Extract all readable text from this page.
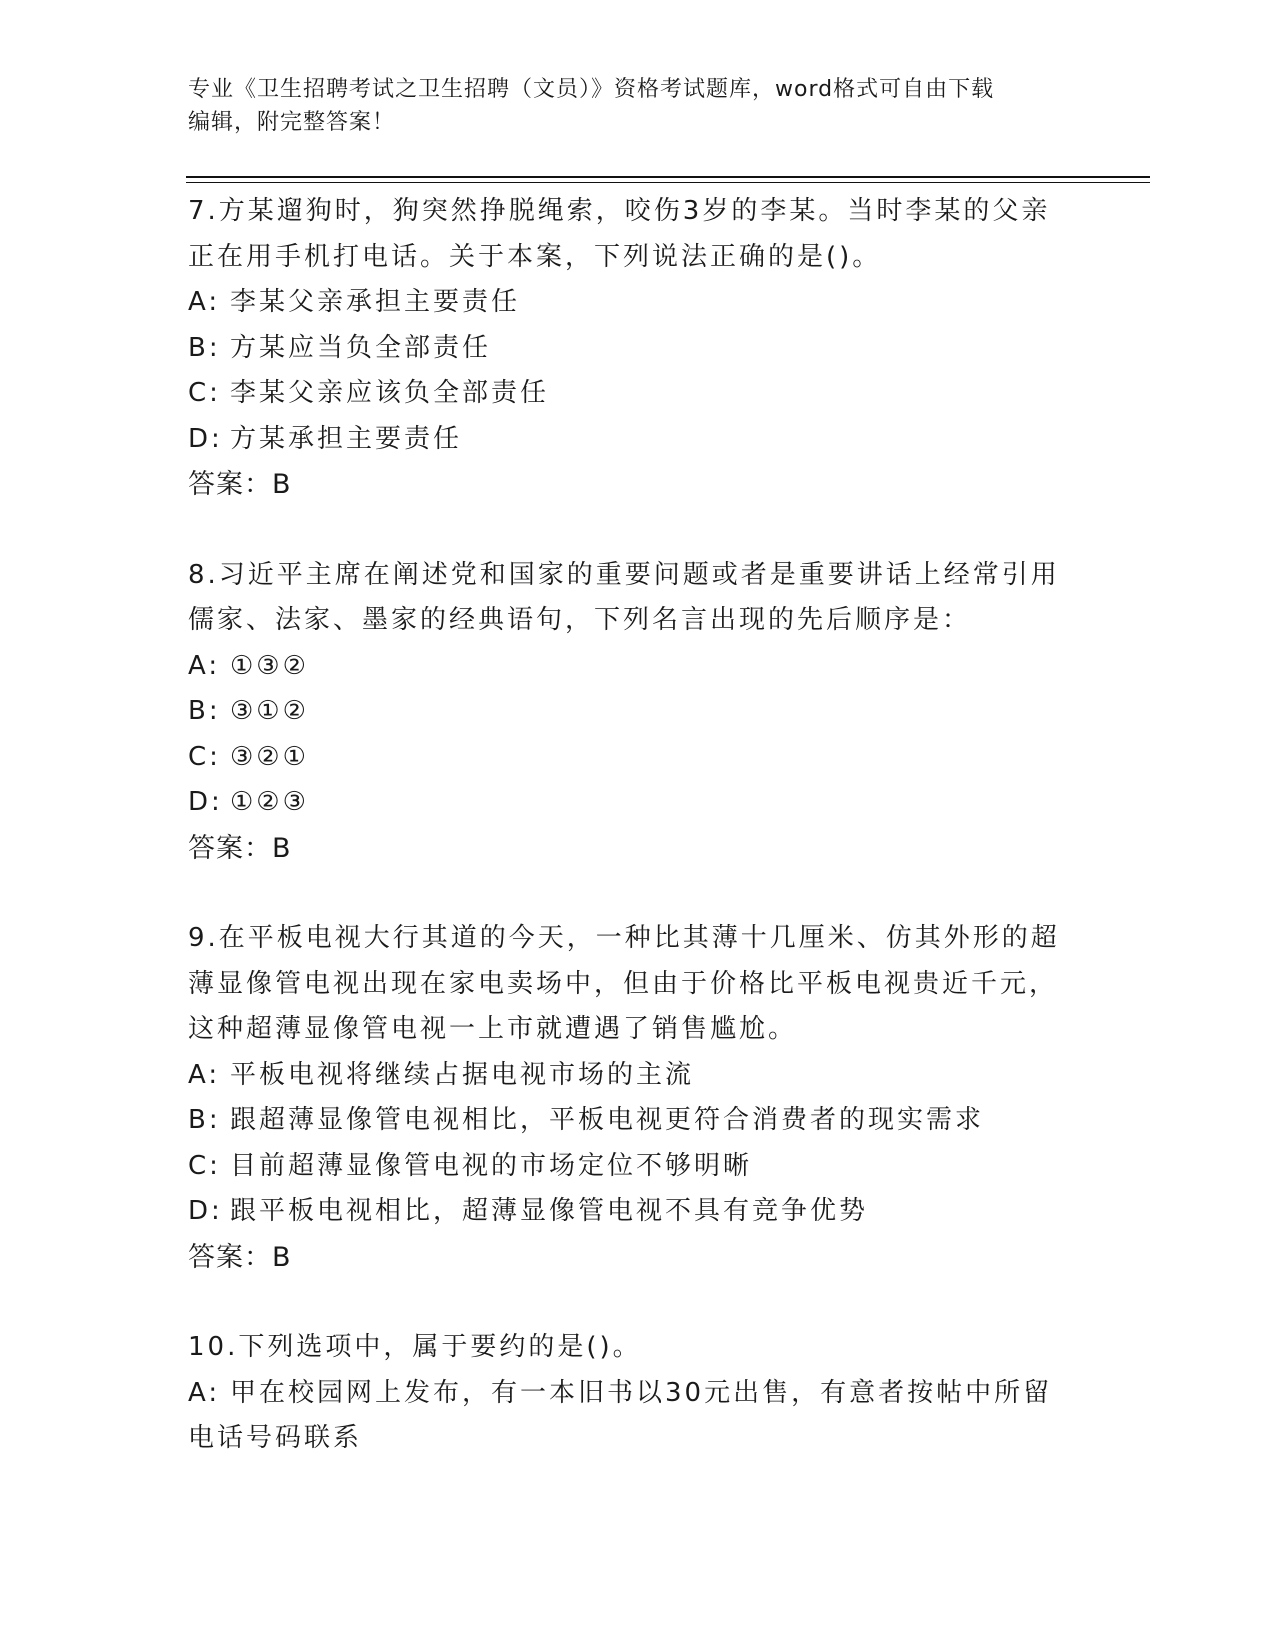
专业《卫生招聘考试之卫生招聘（文员）》资格考试题库，word格式可自由下载
编辑，附完整答案！

7.方某遛狗时，狗突然挣脱绳索，咬伤3岁的李某。当时李某的父亲

正在用手机打电话。关于本案，下列说法正确的是()。

A: 李某父亲承担主要责任

B: 方某应当负全部责任

C: 李某父亲应该负全部责任

D: 方某承担主要责任

答案：B

8.习近平主席在阐述党和国家的重要问题或者是重要讲话上经常引用

儒家、法家、墨家的经典语句，下列名言出现的先后顺序是：

A: ①③②

B: ③①②

C: ③②①

D: ①②③

答案：B

9.在平板电视大行其道的今天，一种比其薄十几厘米、仿其外形的超

薄显像管电视出现在家电卖场中，但由于价格比平板电视贵近千元，

这种超薄显像管电视一上市就遭遇了销售尴尬。

A: 平板电视将继续占据电视市场的主流

B: 跟超薄显像管电视相比，平板电视更符合消费者的现实需求

C: 目前超薄显像管电视的市场定位不够明晰

D: 跟平板电视相比，超薄显像管电视不具有竞争优势

答案：B

10.下列选项中，属于要约的是()。

A: 甲在校园网上发布，有一本旧书以30元出售，有意者按帖中所留

电话号码联系
